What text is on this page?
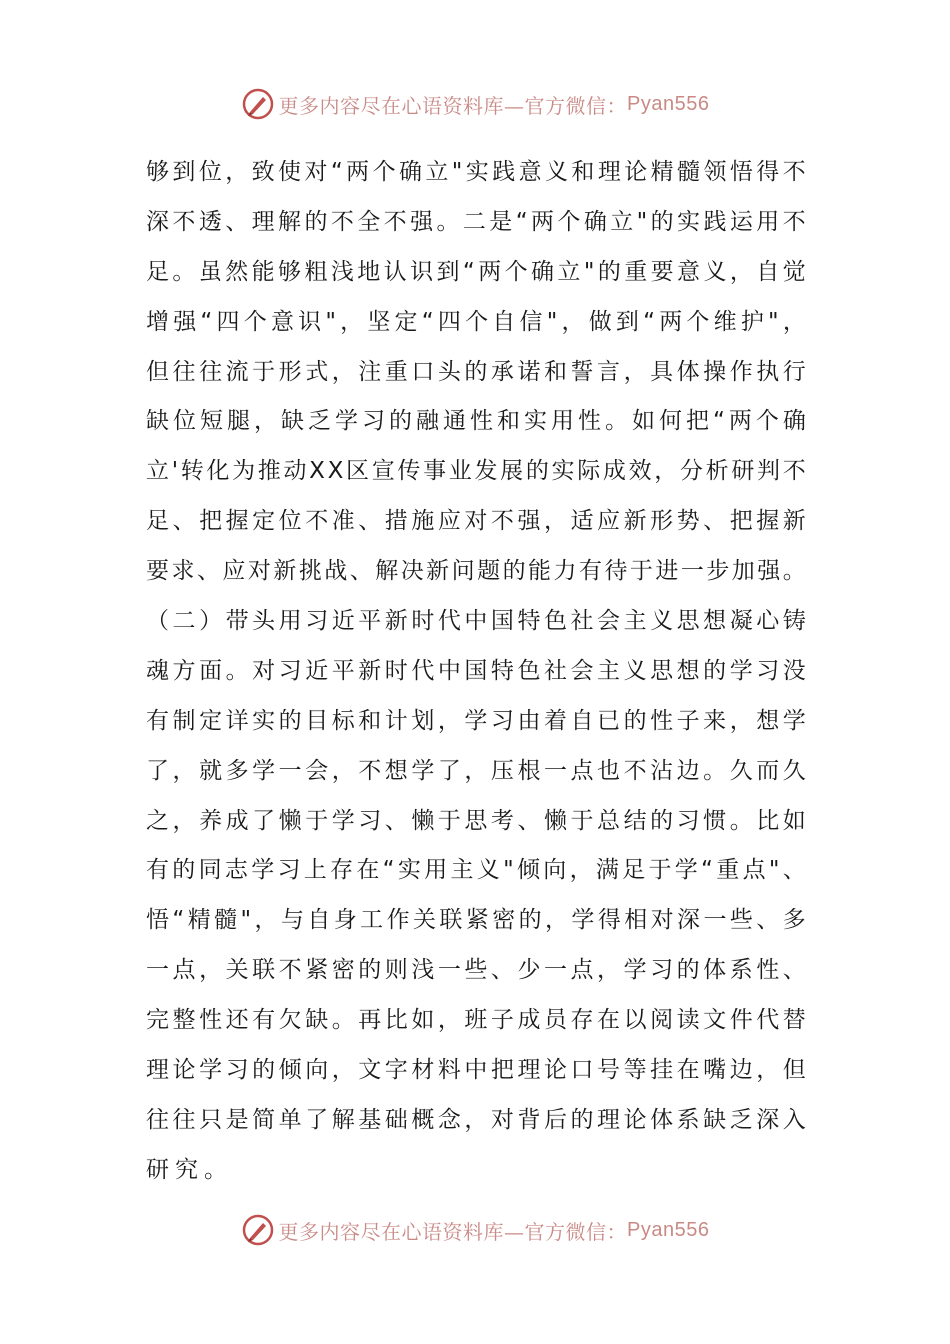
更多内容尽在心语资料库—官方微信： Pyan556
够 到 位 ， 致 使 对 “ 两 个 确 立 " 实 践 意 义 和 理 论 精 髓 领 悟 得 不
深 不 透 、 理 解 的 不 全 不 强 。 二 是 “ 两 个 确 立 " 的 实 践 运 用 不
足 。 虽 然 能 够 粗 浅 地 认 识 到 “ 两 个 确 立 " 的 重 要 意 义 ， 自 觉
增 强 “ 四 个 意 识 " ， 坚 定 “ 四 个 自 信 " ， 做 到 “ 两 个 维 护 " ，
但 往 往 流 于 形 式 ， 注 重 口 头 的 承 诺 和 誓 言 ， 具 体 操 作 执 行
缺 位 短 腿 ， 缺 乏 学 习 的 融 通 性 和 实 用 性 。 如 何 把 “ 两 个 确
立 ' 转 化 为 推 动 X X 区 宣 传 事 业 发 展 的 实 际 成 效 ， 分 析 研 判 不
足 、 把 握 定 位 不 准 、 措 施 应 对 不 强 ， 适 应 新 形 势 、 把 握 新
要 求 、 应 对 新 挑 战 、 解 决 新 问 题 的 能 力 有 待 于 进 一 步 加 强 。
（ 二 ） 带 头 用 习 近 平 新 时 代 中 国 特 色 社 会 主 义 思 想 凝 心 铸
魂 方 面 。 对 习 近 平 新 时 代 中 国 特 色 社 会 主 义 思 想 的 学 习 没
有 制 定 详 实 的 目 标 和 计 划 ， 学 习 由 着 自 已 的 性 子 来 ， 想 学
了 ， 就 多 学 一 会 ， 不 想 学 了 ， 压 根 一 点 也 不 沾 边 。 久 而 久
之 ， 养 成 了 懒 于 学 习 、 懒 于 思 考 、 懒 于 总 结 的 习 惯 。 比 如
有 的 同 志 学 习 上 存 在 “ 实 用 主 义 " 倾 向 ， 满 足 于 学 “ 重 点 " 、
悟 “ 精 髓 " ， 与 自 身 工 作 关 联 紧 密 的 ， 学 得 相 对 深 一 些 、 多
一 点 ， 关 联 不 紧 密 的 则 浅 一 些 、 少 一 点 ， 学 习 的 体 系 性 、
完 整 性 还 有 欠 缺 。 再 比 如 ， 班 子 成 员 存 在 以 阅 读 文 件 代 替
理 论 学 习 的 倾 向 ， 文 字 材 料 中 把 理 论 口 号 等 挂 在 嘴 边 ， 但
往 往 只 是 简 单 了 解 基 础 概 念 ， 对 背 后 的 理 论 体 系 缺 乏 深 入
研究。
更多内容尽在心语资料库—官方微信： Pyan556
